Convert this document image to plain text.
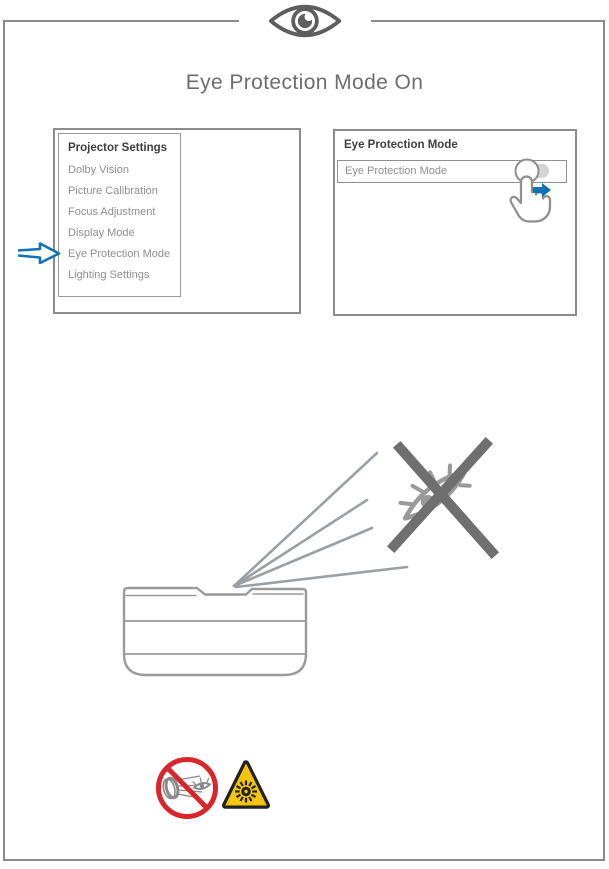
Eye Protection Mode On
Projector Settings
Dolby Vision
Picture Calibration
Focus Adjustment
Display Mode
Eye Protection Mode
Lighting Settings
Eye Protection Mode
Eye Protection Mode
